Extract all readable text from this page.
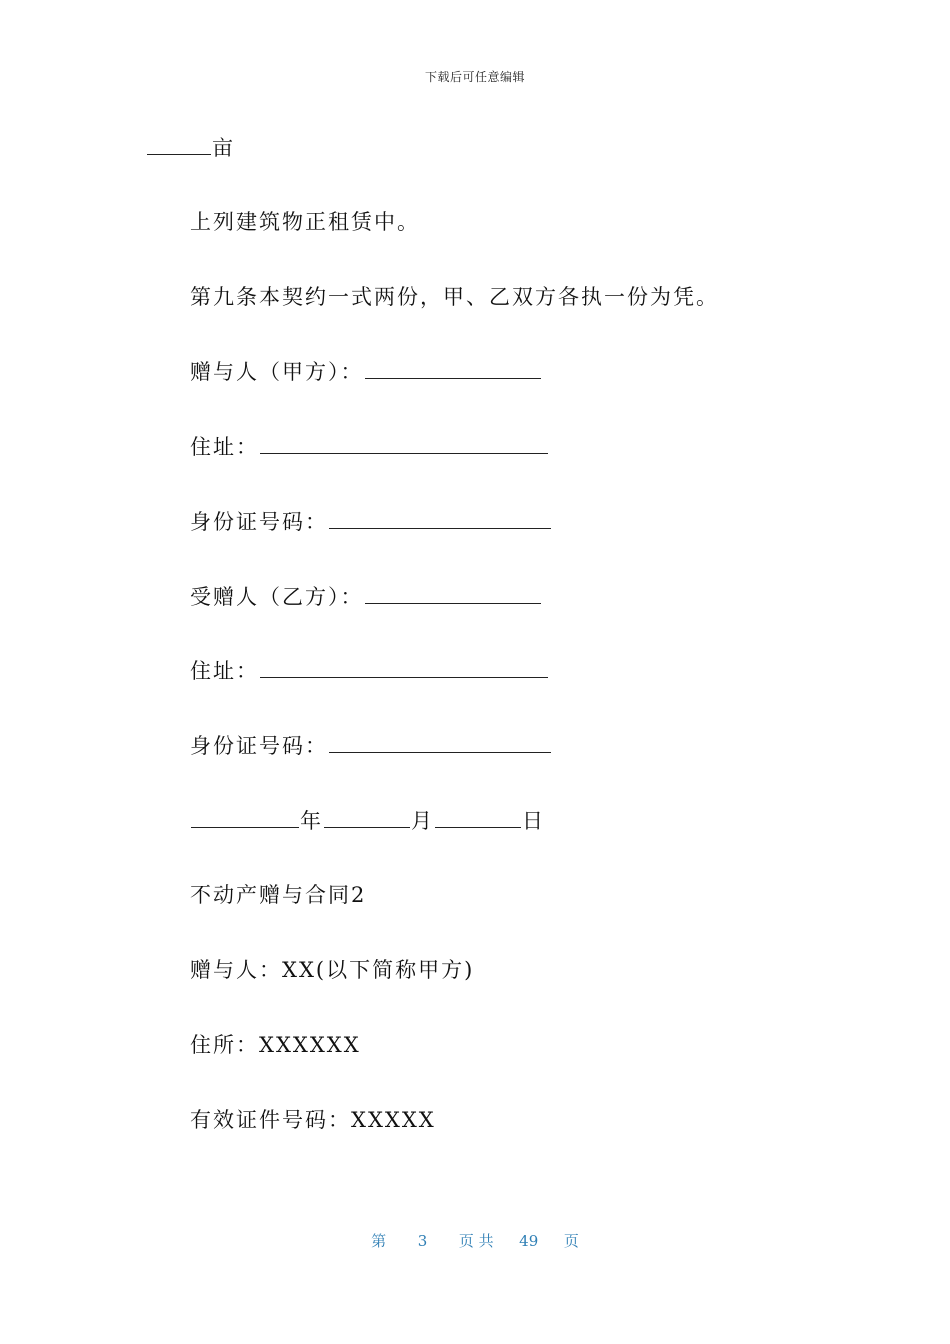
下载后可任意编辑
亩
上列建筑物正租赁中。
第九条本契约一式两份，甲、乙双方各执一份为凭。
赠与人（甲方）：
住址：
身份证号码：
受赠人（乙方）：
住址：
身份证号码：
年	月	日
不动产赠与合同2
赠与人：XX(以下简称甲方)
住所：XXXXXX
有效证件号码：XXXXX
第 3 页 共 49 页
